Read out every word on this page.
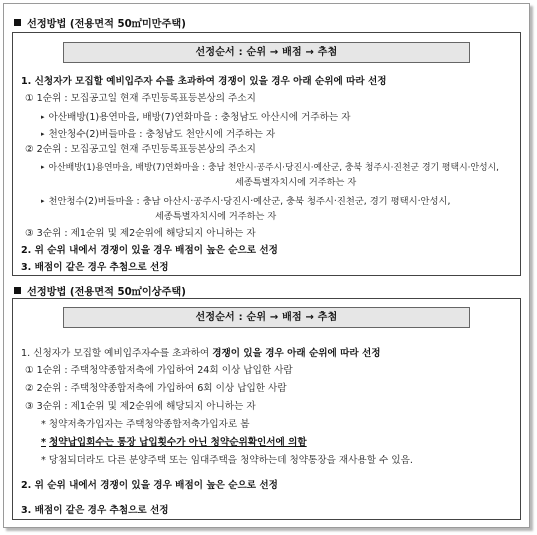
선정방법 (전용면적 50㎡미만주택)
선정순서 : 순위 → 배점 → 추첨
1. 신청자가 모집할 예비입주자 수를 초과하여 경쟁이 있을 경우 아래 순위에 따라 선정
① 1순위 : 모집공고일 현재 주민등록표등본상의 주소지
▸ 아산배방(1)용연마을, 배방(7)연화마을 : 충청남도 아산시에 거주하는 자
▸ 천안청수(2)버들마을 : 충청남도 천안시에 거주하는 자
② 2순위 : 모집공고일 현재 주민등록표등본상의 주소지
▸ 아산배방(1)용연마을, 배방(7)연화마을 : 충남 천안시·공주시·당진시·예산군, 충북 청주시·진천군 경기 평택시·안성시,
세종특별자치시에 거주하는 자
▸ 천안청수(2)버들마을 : 충남 아산시·공주시·당진시·예산군, 충북 청주시·진천군, 경기 평택시·안성시,
세종특별자치시에 거주하는 자
③ 3순위 : 제1순위 및 제2순위에 해당되지 아니하는 자
2. 위 순위 내에서 경쟁이 있을 경우 배점이 높은 순으로 선정
3. 배점이 같은 경우 추첨으로 선정
선정방법 (전용면적 50㎡이상주택)
선정순서 : 순위 → 배점 → 추첨
1. 신청자가 모집할 예비입주자수를 초과하여 경쟁이 있을 경우 아래 순위에 따라 선정
① 1순위 : 주택청약종합저축에 가입하여 24회 이상 납입한 사람
② 2순위 : 주택청약종합저축에 가입하여 6회 이상 납입한 사람
③ 3순위 : 제1순위 및 제2순위에 해당되지 아니하는 자
* 청약저축가입자는 주택청약종합저축가입자로 봄
* 청약납입회수는 통장 납입횟수가 아닌 청약순위확인서에 의함
* 당첨되더라도 다른 분양주택 또는 임대주택을 청약하는데 청약통장을 재사용할 수 있음.
2. 위 순위 내에서 경쟁이 있을 경우 배점이 높은 순으로 선정
3. 배점이 같은 경우 추첨으로 선정
